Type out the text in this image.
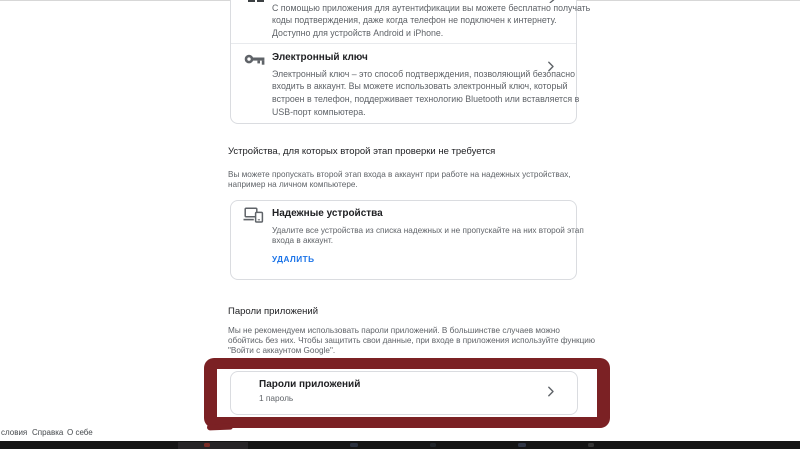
С помощью приложения для аутентификации вы можете бесплатно получать
коды подтверждения, даже когда телефон не подключен к интернету.
Доступно для устройств Android и iPhone.
Электронный ключ
Электронный ключ – это способ подтверждения, позволяющий безопасно
входить в аккаунт. Вы можете использовать электронный ключ, который
встроен в телефон, поддерживает технологию Bluetooth или вставляется в
USB-порт компьютера.
Устройства, для которых второй этап проверки не требуется
Вы можете пропускать второй этап входа в аккаунт при работе на надежных устройствах,
например на личном компьютере.
Надежные устройства
Удалите все устройства из списка надежных и не пропускайте на них второй этап
входа в аккаунт.
УДАЛИТЬ
Пароли приложений
Мы не рекомендуем использовать пароли приложений. В большинстве случаев можно
обойтись без них. Чтобы защитить свои данные, при входе в приложения используйте функцию
"Войти с аккаунтом Google".
Пароли приложений
1 пароль
словия Справка О себе
